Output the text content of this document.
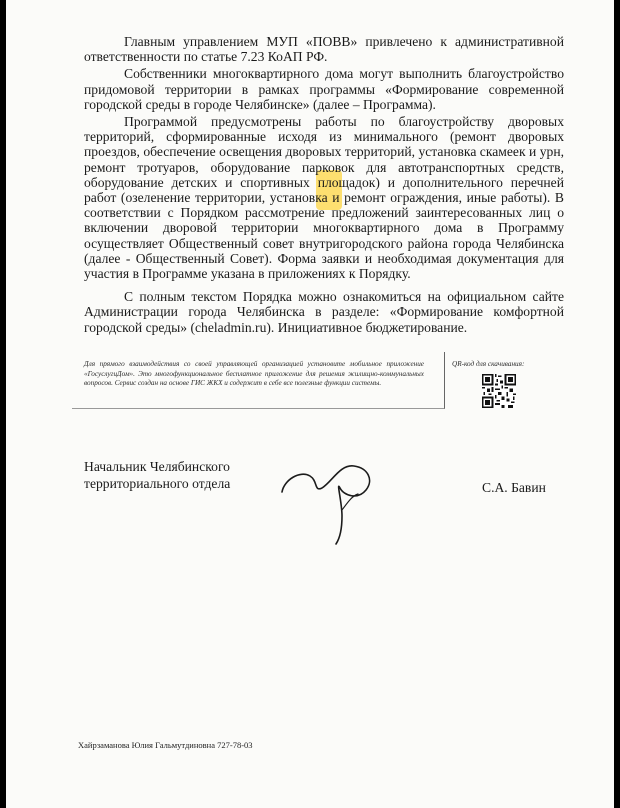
Главным управлением МУП «ПОВВ» привлечено к административной ответственности по статье 7.23 КоАП РФ.

Собственники многоквартирного дома могут выполнить благоустройство придомовой территории в рамках программы «Формирование современной городской среды в городе Челябинске» (далее – Программа).

Программой предусмотрены работы по благоустройству дворовых территорий, сформированные исходя из минимального (ремонт дворовых проездов, обеспечение освещения дворовых территорий, установка скамеек и урн, ремонт тротуаров, оборудование парковок для автотранспортных средств, оборудование детских и спортивных площадок) и дополнительного перечней работ (озеленение территории, установка и ремонт ограждения, иные работы). В соответствии с Порядком рассмотрение предложений заинтересованных лиц о включении дворовой территории многоквартирного дома в Программу осуществляет Общественный совет внутригородского района города Челябинска (далее - Общественный Совет). Форма заявки и необходимая документация для участия в Программе указана в приложениях к Порядку.

С полным текстом Порядка можно ознакомиться на официальном сайте Администрации города Челябинска в разделе: «Формирование комфортной городской среды» (cheladmin.ru). Инициативное бюджетирование.

Для прямого взаимодействия со своей управляющей организацией установите мобильное приложение «ГосуслугиДом». Это многофункциональное бесплатное приложение для решения жилищно-коммунальных вопросов. Сервис создан на основе ГИС ЖКХ и содержит в себе все полезные функции системы.
QR-код для скачивания:
Начальник Челябинского
территориального отдела	С.А. Бавин
Хайрзаманова Юлия Гальмутдиновна 727-78-03
